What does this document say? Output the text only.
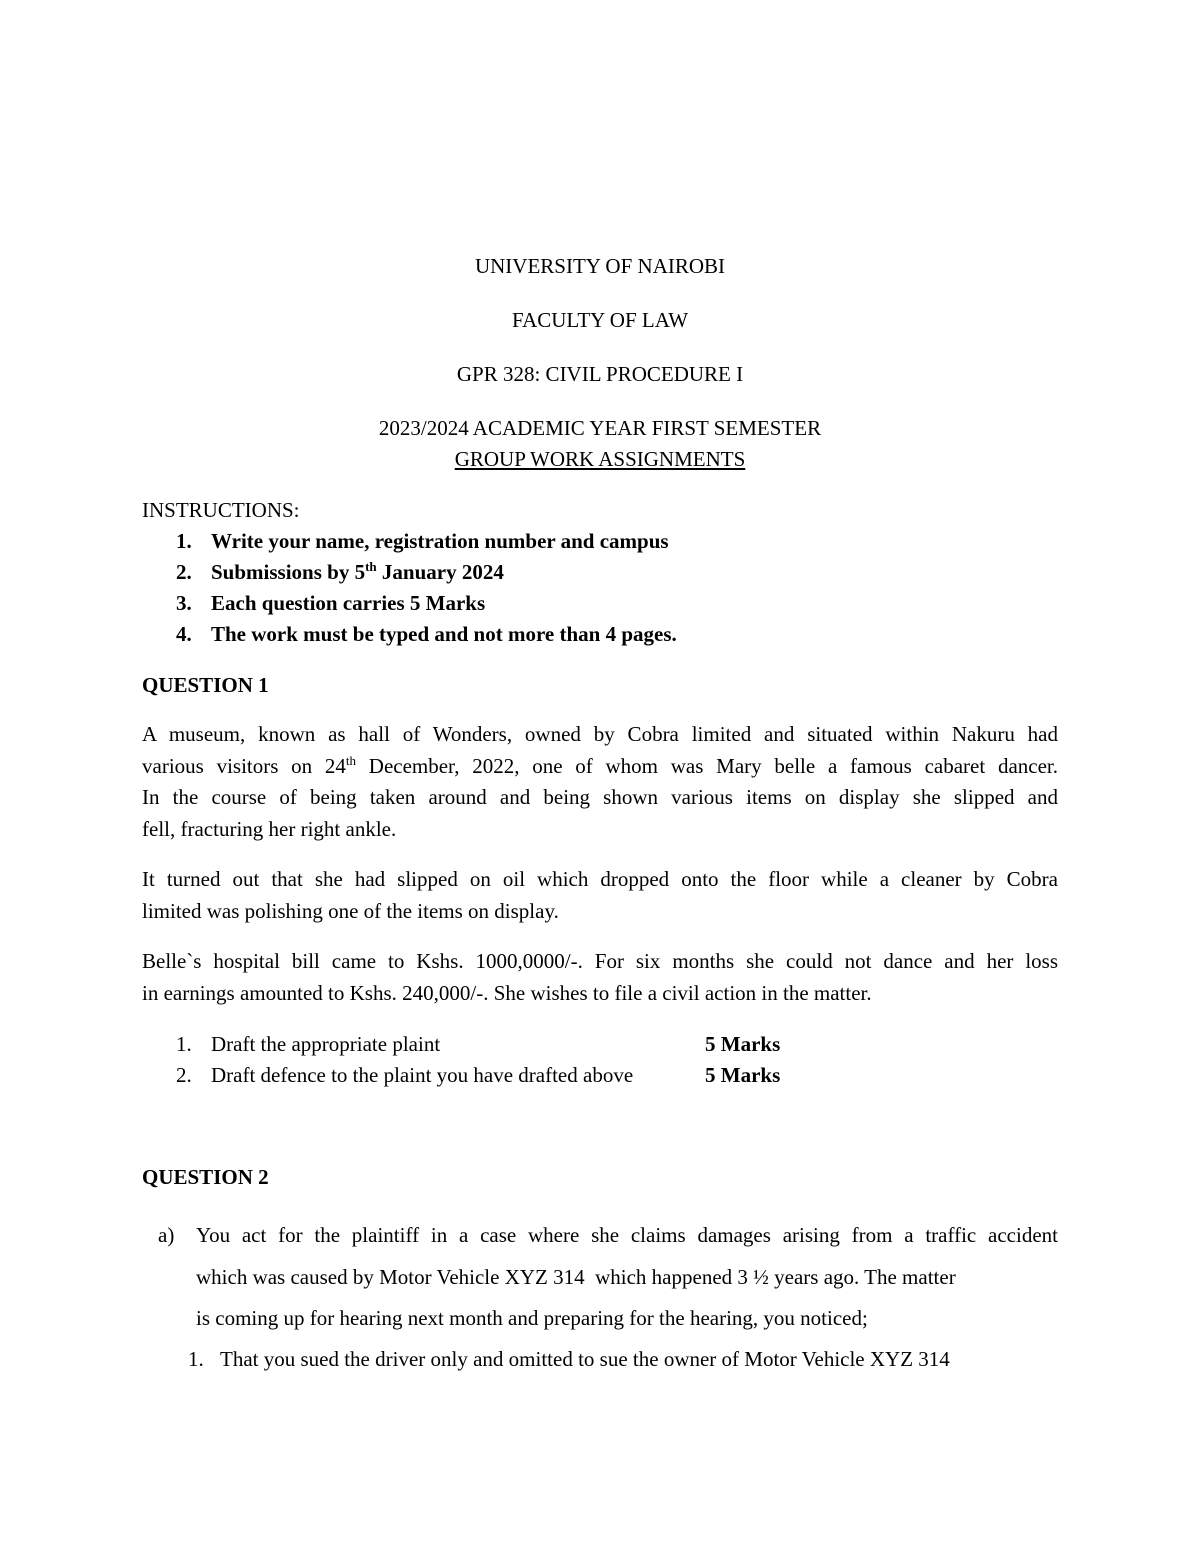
UNIVERSITY OF NAIROBI
FACULTY OF LAW
GPR 328: CIVIL PROCEDURE I
2023/2024 ACADEMIC YEAR FIRST SEMESTER
GROUP WORK ASSIGNMENTS
INSTRUCTIONS:
1. Write your name, registration number and campus
2. Submissions by 5th January 2024
3. Each question carries 5 Marks
4. The work must be typed and not more than 4 pages.
QUESTION 1
A museum, known as hall of Wonders, owned by Cobra limited and situated within Nakuru had
various visitors on 24th December, 2022, one of whom was Mary belle a famous cabaret dancer.
In the course of being taken around and being shown various items on display she slipped and
fell, fracturing her right ankle.
It turned out that she had slipped on oil which dropped onto the floor while a cleaner by Cobra
limited was polishing one of the items on display.
Belle`s hospital bill came to Kshs. 1000,0000/-. For six months she could not dance and her loss
in earnings amounted to Kshs. 240,000/-. She wishes to file a civil action in the matter.
1. Draft the appropriate plaint	5 Marks
2. Draft defence to the plaint you have drafted above	5 Marks
QUESTION 2
a) You act for the plaintiff in a case where she claims damages arising from a traffic accident
which was caused by Motor Vehicle XYZ 314  which happened 3 ½ years ago. The matter
is coming up for hearing next month and preparing for the hearing, you noticed;
1. That you sued the driver only and omitted to sue the owner of Motor Vehicle XYZ 314
